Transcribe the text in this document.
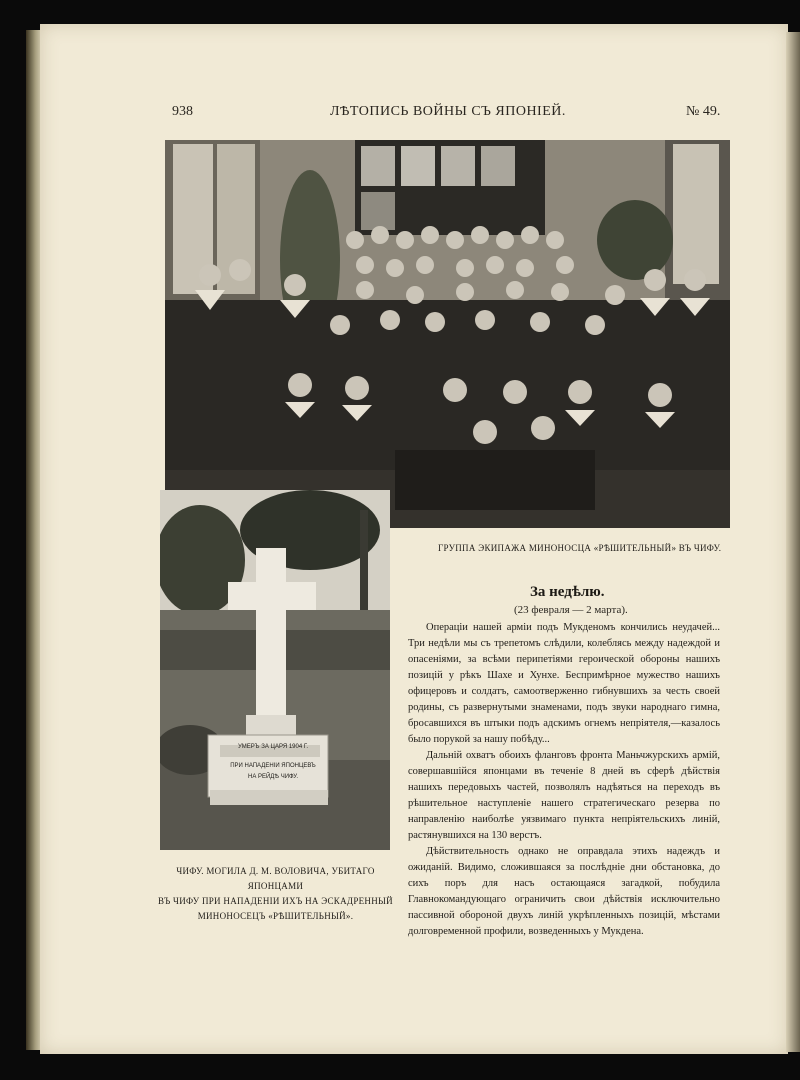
938	ЛѢТОПИСЬ ВОЙНЫ СЪ ЯПОНІЕЙ.	№ 49.
УМЕРЪ ЗА ЦАРЯ 1904 Г.
ПРИ НАПАДЕНІИ ЯПОНЦЕВЪ
НА РЕЙДѢ ЧИФУ.
ГРУППА ЭКИПАЖА МИНОНОСЦА «РѢШИТЕЛЬНЫЙ» ВЪ ЧИФУ.
ЧИФУ. МОГИЛА Д. М. ВОЛОВИЧА, УБИТАГО ЯПОНЦАМИ
ВЪ ЧИФУ ПРИ НАПАДЕНІИ ИХЪ НА ЭСКАДРЕННЫЙ
МИНОНОСЕЦЪ «РѢШИТЕЛЬНЫЙ».
За недѣлю.
(23 февраля — 2 марта).

Операціи нашей арміи подъ Мукденомъ кончились неудачей... Три недѣли мы съ трепетомъ слѣдили, колеблясь между надеждой и опасеніями, за всѣми перипетіями героической обороны нашихъ позицій у рѣкъ Шахе и Хунхе. Беспримѣрное мужество нашихъ офицеровъ и солдатъ, самоотверженно гибнувшихъ за честь своей родины, съ развернутыми знаменами, подъ звуки народнаго гимна, бросавшихся въ штыки подъ адскимъ огнемъ непріятеля,—казалось было порукой за нашу побѣду...

Дальній охватъ обоихъ фланговъ фронта Маньчжурскихъ армій, совершавшійся японцами въ теченіе 8 дней въ сферѣ дѣйствія нашихъ передовыхъ частей, позволялъ надѣяться на переходъ въ рѣшительное наступленіе нашего стратегическаго резерва по направленію наиболѣе уязвимаго пункта непріятельскихъ линій, растянувшихся на 130 верстъ.

Дѣйствительность однако не оправдала этихъ надеждъ и ожиданій. Видимо, сложившаяся за послѣдніе дни обстановка, до сихъ поръ для насъ остающаяся загадкой, побудила Главнокомандующаго ограничить свои дѣйствія исключительно пассивной обороной двухъ линій укрѣпленныхъ позицій, мѣстами долговременной профили, возведенныхъ у Мукдена.
